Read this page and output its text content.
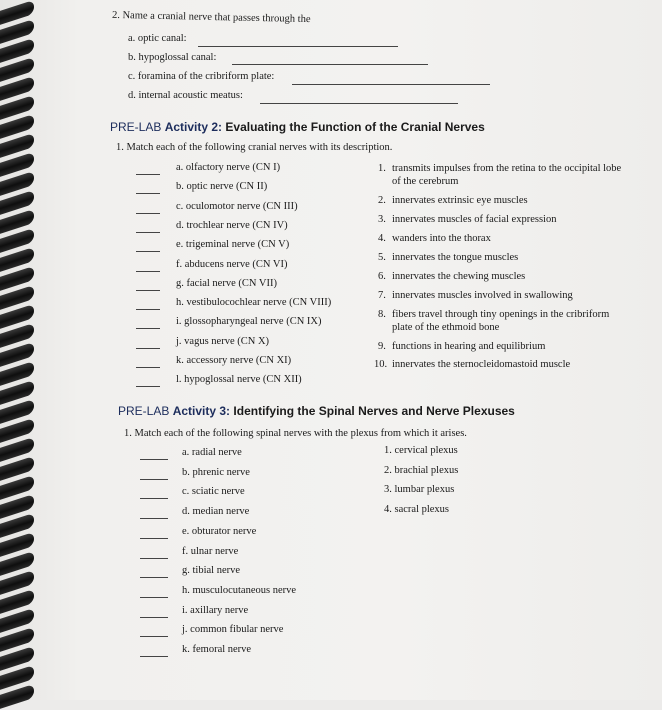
2. Name a cranial nerve that passes through the
a. optic canal:
b. hypoglossal canal:
c. foramina of the cribriform plate:
d. internal acoustic meatus:
PRE-LAB Activity 2: Evaluating the Function of the Cranial Nerves
1. Match each of the following cranial nerves with its description.
a. olfactory nerve (CN I)
b. optic nerve (CN II)
c. oculomotor nerve (CN III)
d. trochlear nerve (CN IV)
e. trigeminal nerve (CN V)
f. abducens nerve (CN VI)
g. facial nerve (CN VII)
h. vestibulocochlear nerve (CN VIII)
i. glossopharyngeal nerve (CN IX)
j. vagus nerve (CN X)
k. accessory nerve (CN XI)
l. hypoglossal nerve (CN XII)
1. transmits impulses from the retina to the occipital lobe
of the cerebrum
2. innervates extrinsic eye muscles
3. innervates muscles of facial expression
4. wanders into the thorax
5. innervates the tongue muscles
6. innervates the chewing muscles
7. innervates muscles involved in swallowing
8. fibers travel through tiny openings in the cribriform
plate of the ethmoid bone
9. functions in hearing and equilibrium
10. innervates the sternocleidomastoid muscle
PRE-LAB Activity 3: Identifying the Spinal Nerves and Nerve Plexuses
1. Match each of the following spinal nerves with the plexus from which it arises.
a. radial nerve
b. phrenic nerve
c. sciatic nerve
d. median nerve
e. obturator nerve
f. ulnar nerve
g. tibial nerve
h. musculocutaneous nerve
i. axillary nerve
j. common fibular nerve
k. femoral nerve
1. cervical plexus
2. brachial plexus
3. lumbar plexus
4. sacral plexus
